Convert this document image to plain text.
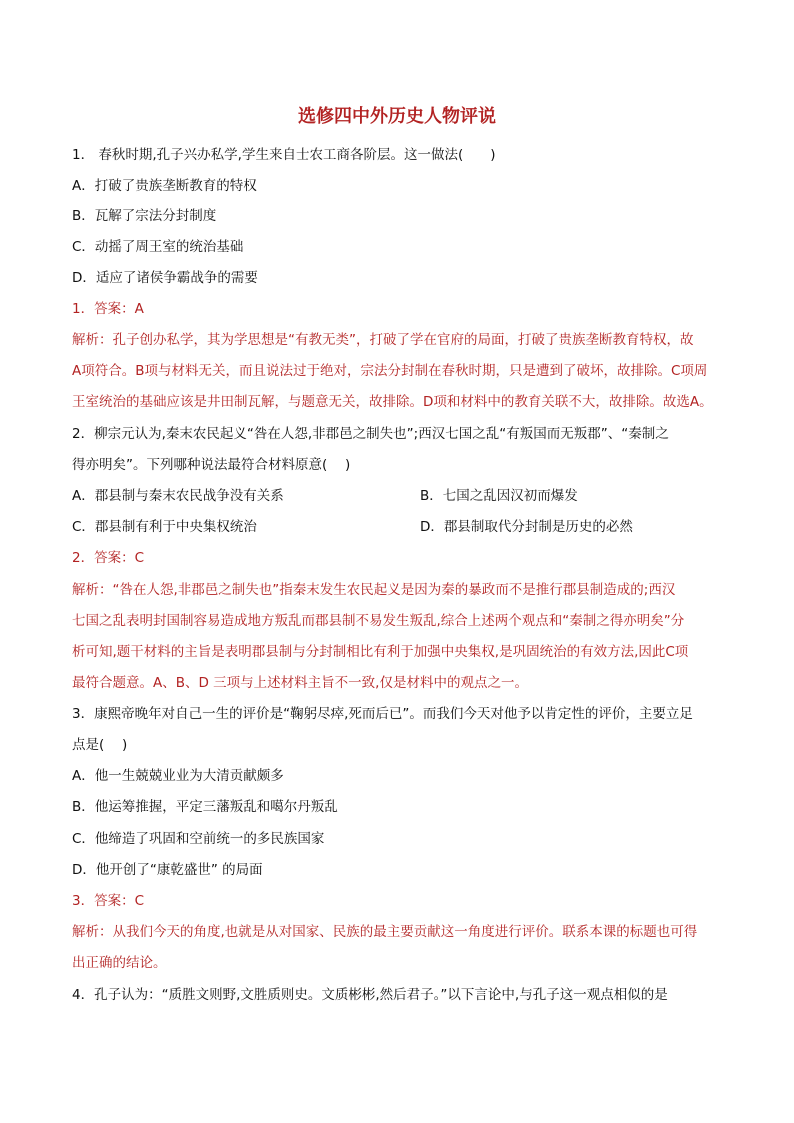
选修四中外历史人物评说
1． 春秋时期,孔子兴办私学,学生来自士农工商各阶层。这一做法(　　)
A．打破了贵族垄断教育的特权
B．瓦解了宗法分封制度
C．动摇了周王室的统治基础
D．适应了诸侯争霸战争的需要
1．答案：A
解析：孔子创办私学，其为学思想是“有教无类”，打破了学在官府的局面，打破了贵族垄断教育特权，故
A项符合。B项与材料无关，而且说法过于绝对，宗法分封制在春秋时期，只是遭到了破坏，故排除。C项周
王室统治的基础应该是井田制瓦解，与题意无关，故排除。D项和材料中的教育关联不大，故排除。故选A。
2．柳宗元认为,秦末农民起义“咎在人怨,非郡邑之制失也”;西汉七国之乱“有叛国而无叛郡”、“秦制之
得亦明矣”。下列哪种说法最符合材料原意(　 )
A．郡县制与秦末农民战争没有关系	B．七国之乱因汉初而爆发
C．郡县制有利于中央集权统治	D．郡县制取代分封制是历史的必然
2．答案：C
解析：“咎在人怨,非郡邑之制失也”指秦末发生农民起义是因为秦的暴政而不是推行郡县制造成的;西汉
七国之乱表明封国制容易造成地方叛乱而郡县制不易发生叛乱,综合上述两个观点和“秦制之得亦明矣”分
析可知,题干材料的主旨是表明郡县制与分封制相比有利于加强中央集权,是巩固统治的有效方法,因此C项
最符合题意。A、B、D 三项与上述材料主旨不一致,仅是材料中的观点之一。
3．康熙帝晚年对自己一生的评价是“鞠躬尽瘁,死而后已”。而我们今天对他予以肯定性的评价，主要立足
点是(　 )
A．他一生兢兢业业为大清贡献颇多
B．他运筹推握，平定三藩叛乱和噶尔丹叛乱
C．他缔造了巩固和空前统一的多民族国家
D．他开创了“康乾盛世” 的局面
3．答案：C
解析：从我们今天的角度,也就是从对国家、民族的最主要贡献这一角度进行评价。联系本课的标题也可得
出正确的结论。
4．孔子认为：“质胜文则野,文胜质则史。文质彬彬,然后君子。”以下言论中,与孔子这一观点相似的是
